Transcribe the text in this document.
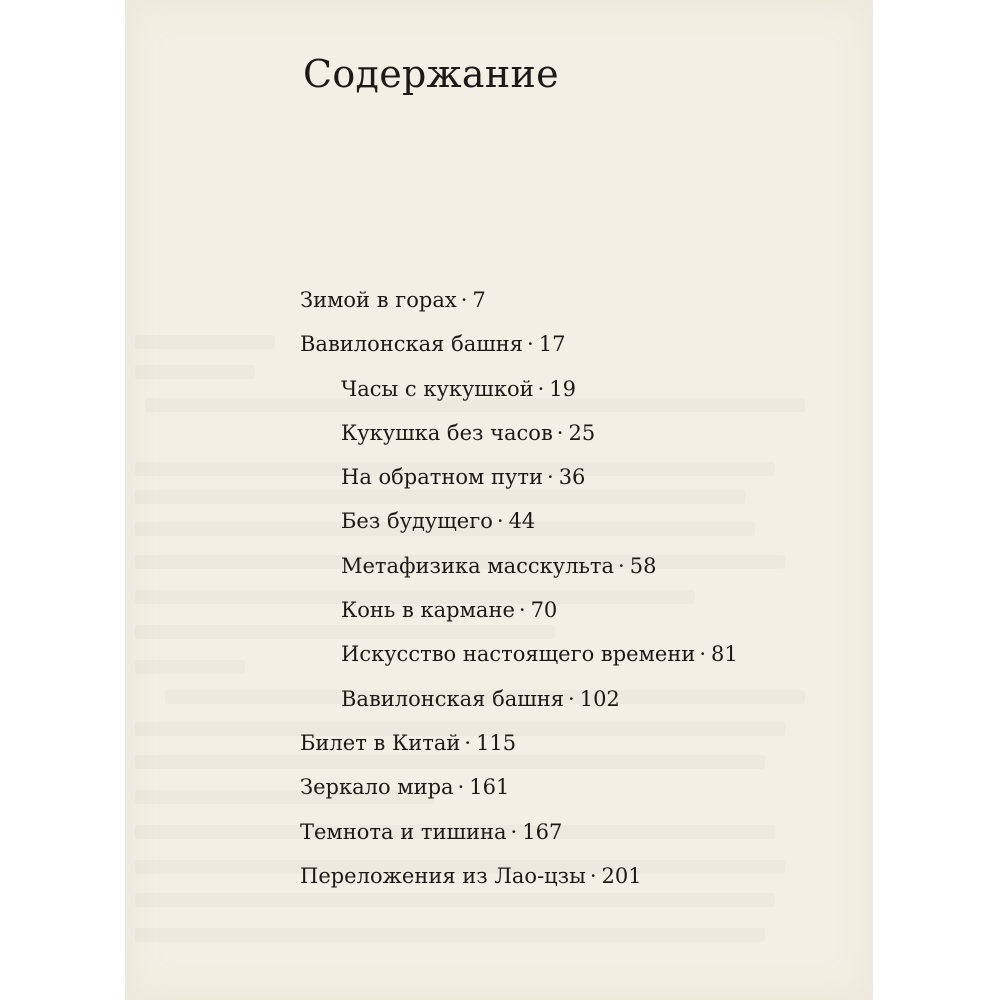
Содержание
Зимой в горах · 7
Вавилонская башня · 17
Часы с кукушкой · 19
Кукушка без часов · 25
На обратном пути · 36
Без будущего · 44
Метафизика масскульта · 58
Конь в кармане · 70
Искусство настоящего времени · 81
Вавилонская башня · 102
Билет в Китай · 115
Зеркало мира · 161
Темнота и тишина · 167
Переложения из Лао-цзы · 201
